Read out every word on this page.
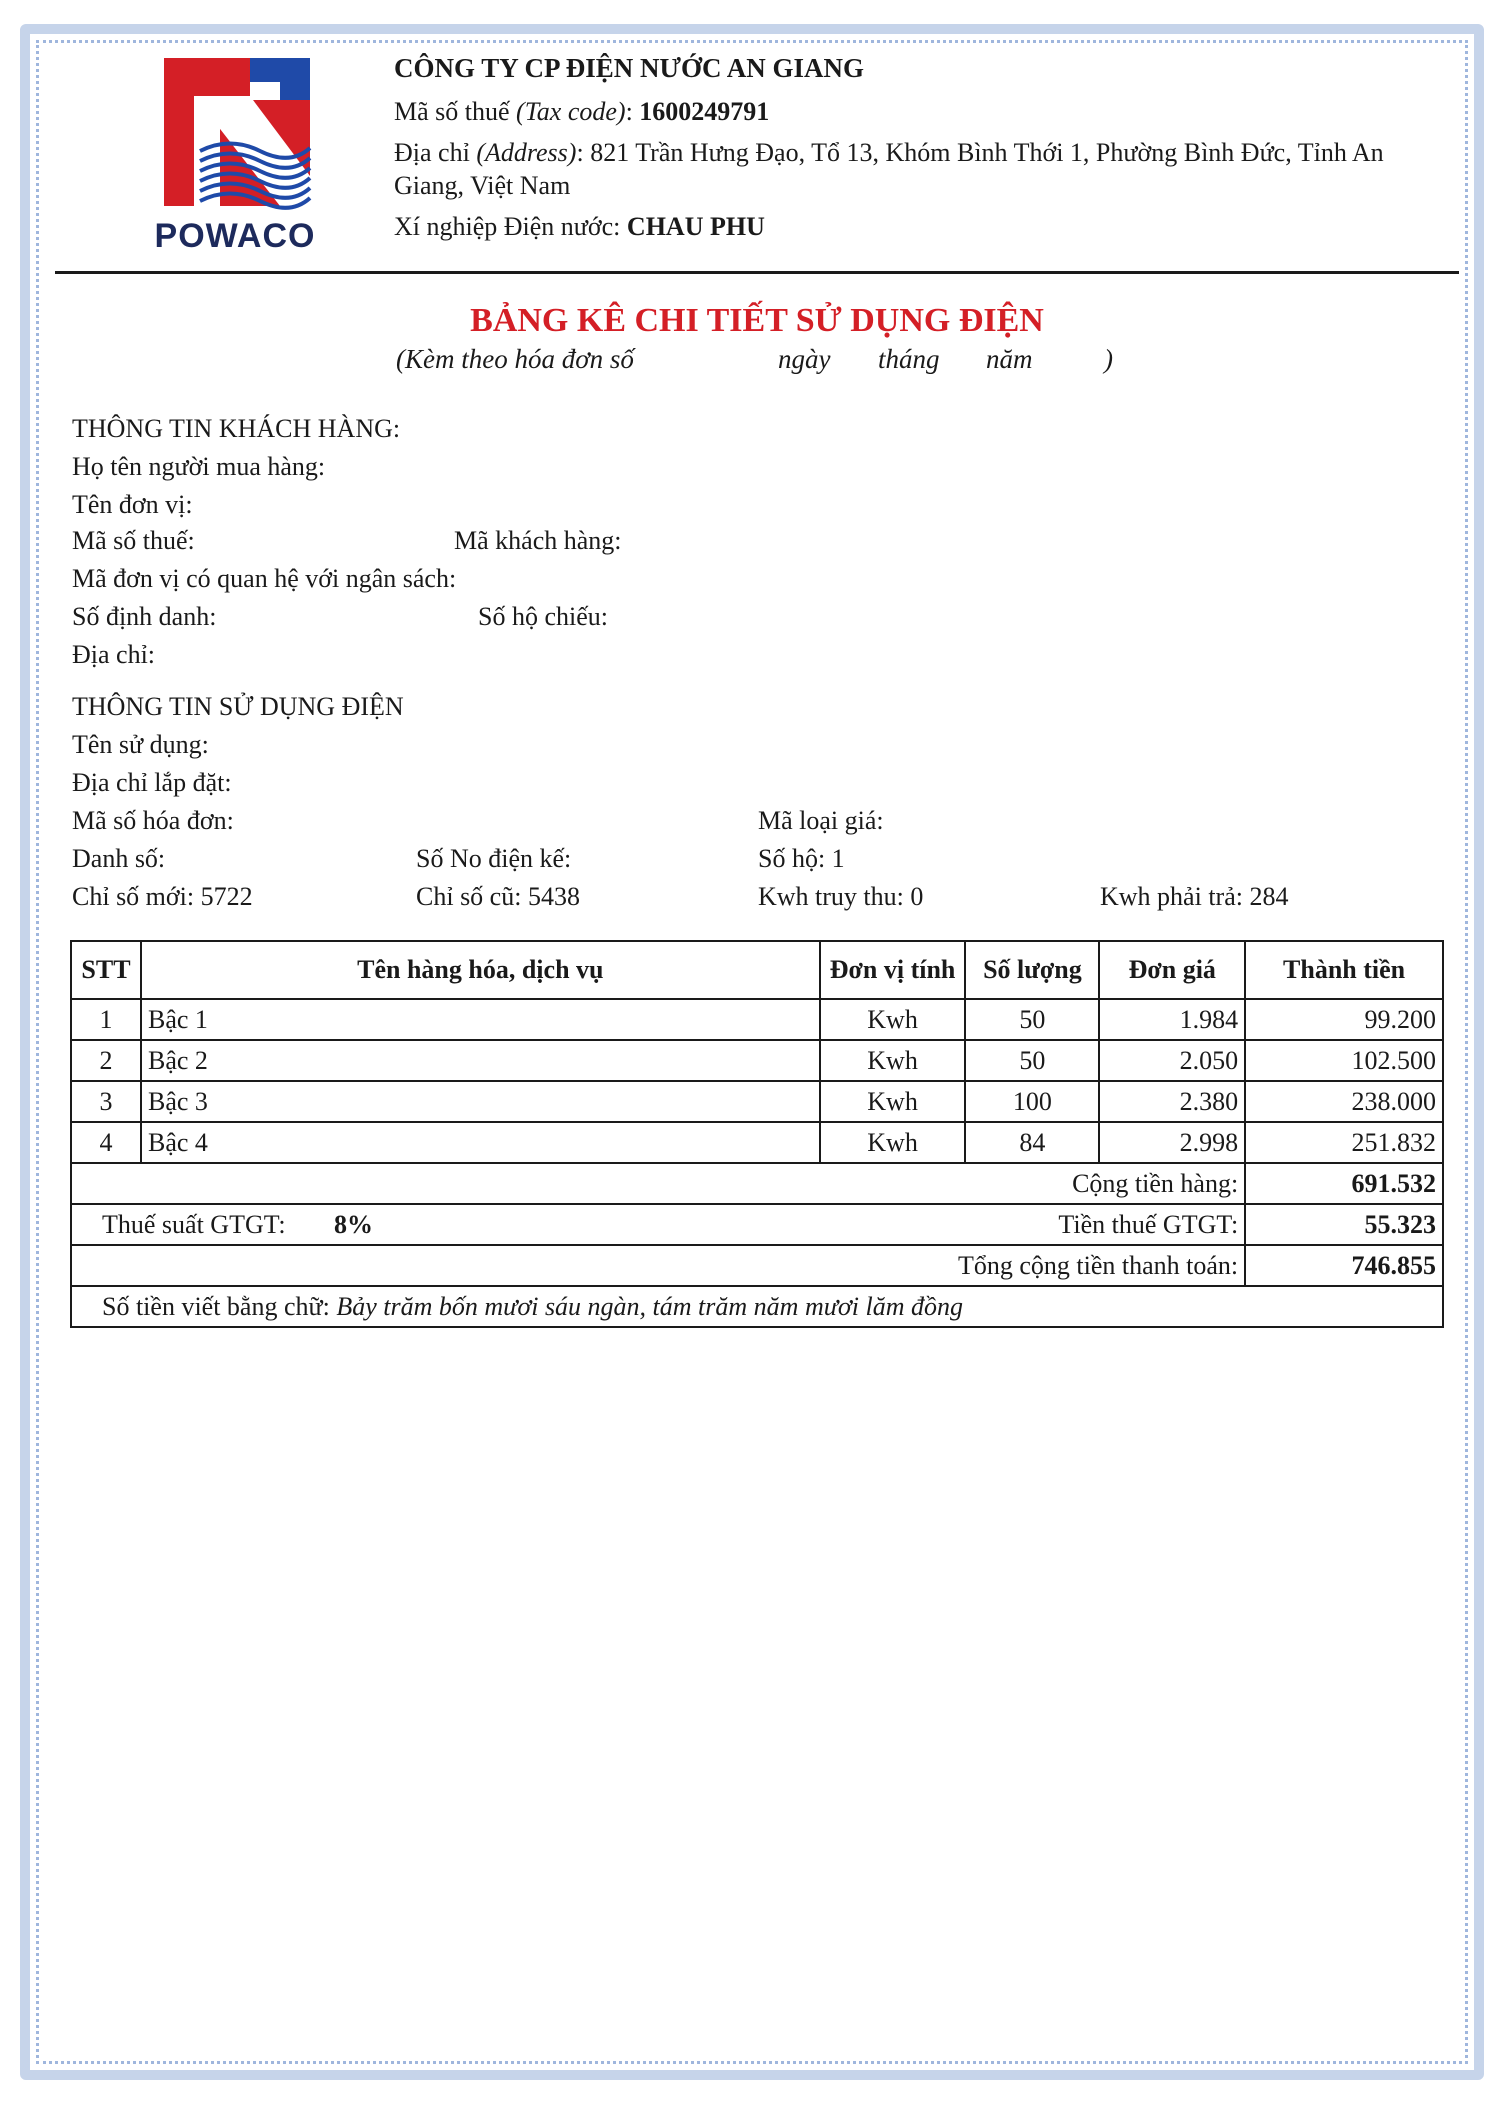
POWACO
CÔNG TY CP ĐIỆN NƯỚC AN GIANG
Mã số thuế (Tax code): 1600249791
Địa chỉ (Address): 821 Trần Hưng Đạo, Tổ 13, Khóm Bình Thới 1, Phường Bình Đức, Tỉnh An Giang, Việt Nam
Xí nghiệp Điện nước: CHAU PHU
BẢNG KÊ CHI TIẾT SỬ DỤNG ĐIỆN
(Kèm theo hóa đơn số	ngày tháng năm	)
THÔNG TIN KHÁCH HÀNG:
Họ tên người mua hàng:
Tên đơn vị:
Mã số thuế:	Mã khách hàng:
Mã đơn vị có quan hệ với ngân sách:
Số định danh:	Số hộ chiếu:
Địa chỉ:
THÔNG TIN SỬ DỤNG ĐIỆN
Tên sử dụng:
Địa chỉ lắp đặt:
Mã số hóa đơn:	Mã loại giá:
Danh số:	Số No điện kế:	Số hộ: 1
Chỉ số mới: 5722	Chỉ số cũ: 5438	Kwh truy thu: 0	Kwh phải trả: 284
STT	Tên hàng hóa, dịch vụ	Đơn vị tính	Số lượng	Đơn giá	Thành tiền
1	Bậc 1	Kwh	50	1.984	99.200
2	Bậc 2	Kwh	50	2.050	102.500
3	Bậc 3	Kwh	100	2.380	238.000
4	Bậc 4	Kwh	84	2.998	251.832
Cộng tiền hàng:					691.532

Thuế suất GTGT: 8% Tiền thuế GTGT:					55.323
Tổng cộng tiền thanh toán:					746.855
Số tiền viết bằng chữ: Bảy trăm bốn mươi sáu ngàn, tám trăm năm mươi lăm đồng					
